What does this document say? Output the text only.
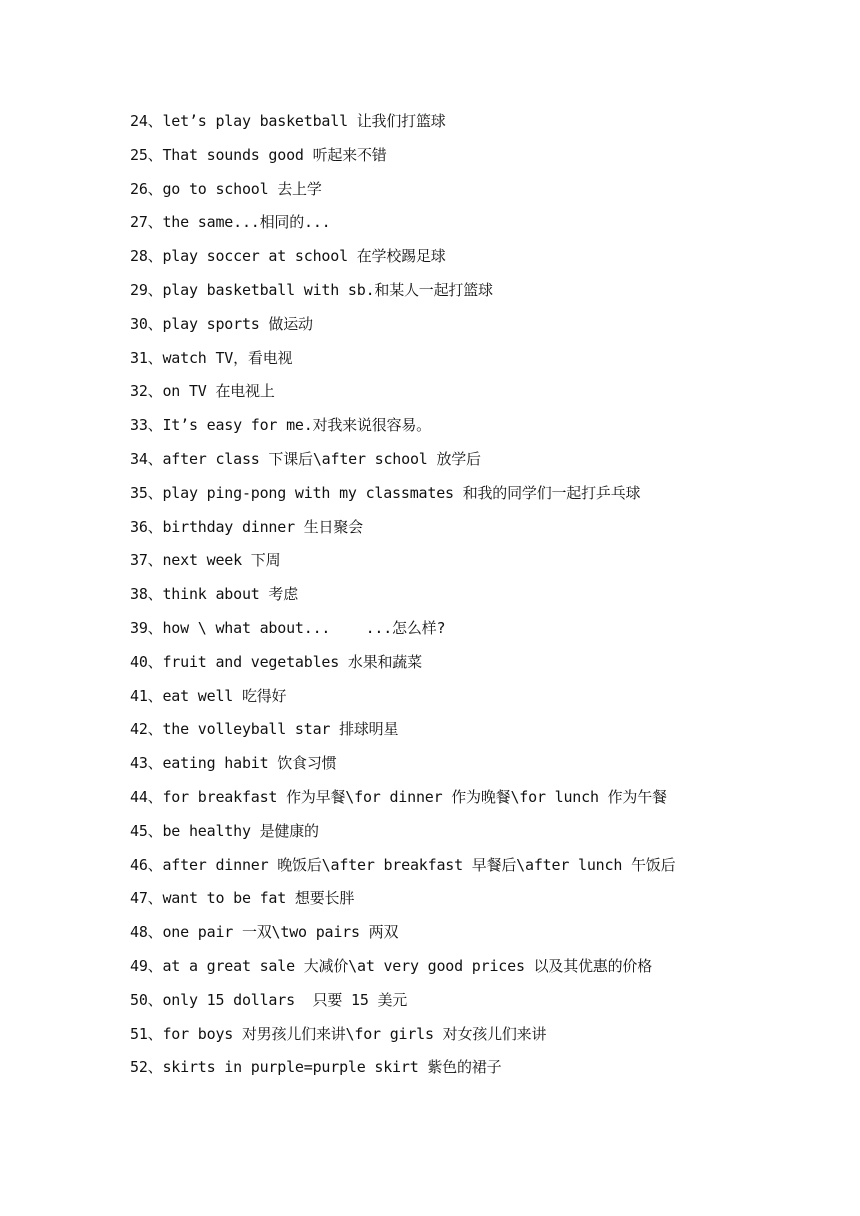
24、let’s play basketball 让我们打篮球
25、That sounds good 听起来不错
26、go to school 去上学
27、the same...相同的...
28、play soccer at school 在学校踢足球
29、play basketball with sb.和某人一起打篮球
30、play sports 做运动
31、watch TV，看电视
32、on TV 在电视上
33、It’s easy for me.对我来说很容易。
34、after class 下课后\after school 放学后
35、play ping-pong with my classmates 和我的同学们一起打乒乓球
36、birthday dinner 生日聚会
37、next week 下周
38、think about 考虑
39、how \ what about...    ...怎么样?
40、fruit and vegetables 水果和蔬菜
41、eat well 吃得好
42、the volleyball star 排球明星
43、eating habit 饮食习惯
44、for breakfast 作为早餐\for dinner 作为晚餐\for lunch 作为午餐
45、be healthy 是健康的
46、after dinner 晚饭后\after breakfast 早餐后\after lunch 午饭后
47、want to be fat 想要长胖
48、one pair 一双\two pairs 两双
49、at a great sale 大减价\at very good prices 以及其优惠的价格
50、only 15 dollars  只要 15 美元
51、for boys 对男孩儿们来讲\for girls 对女孩儿们来讲
52、skirts in purple=purple skirt 紫色的裙子
